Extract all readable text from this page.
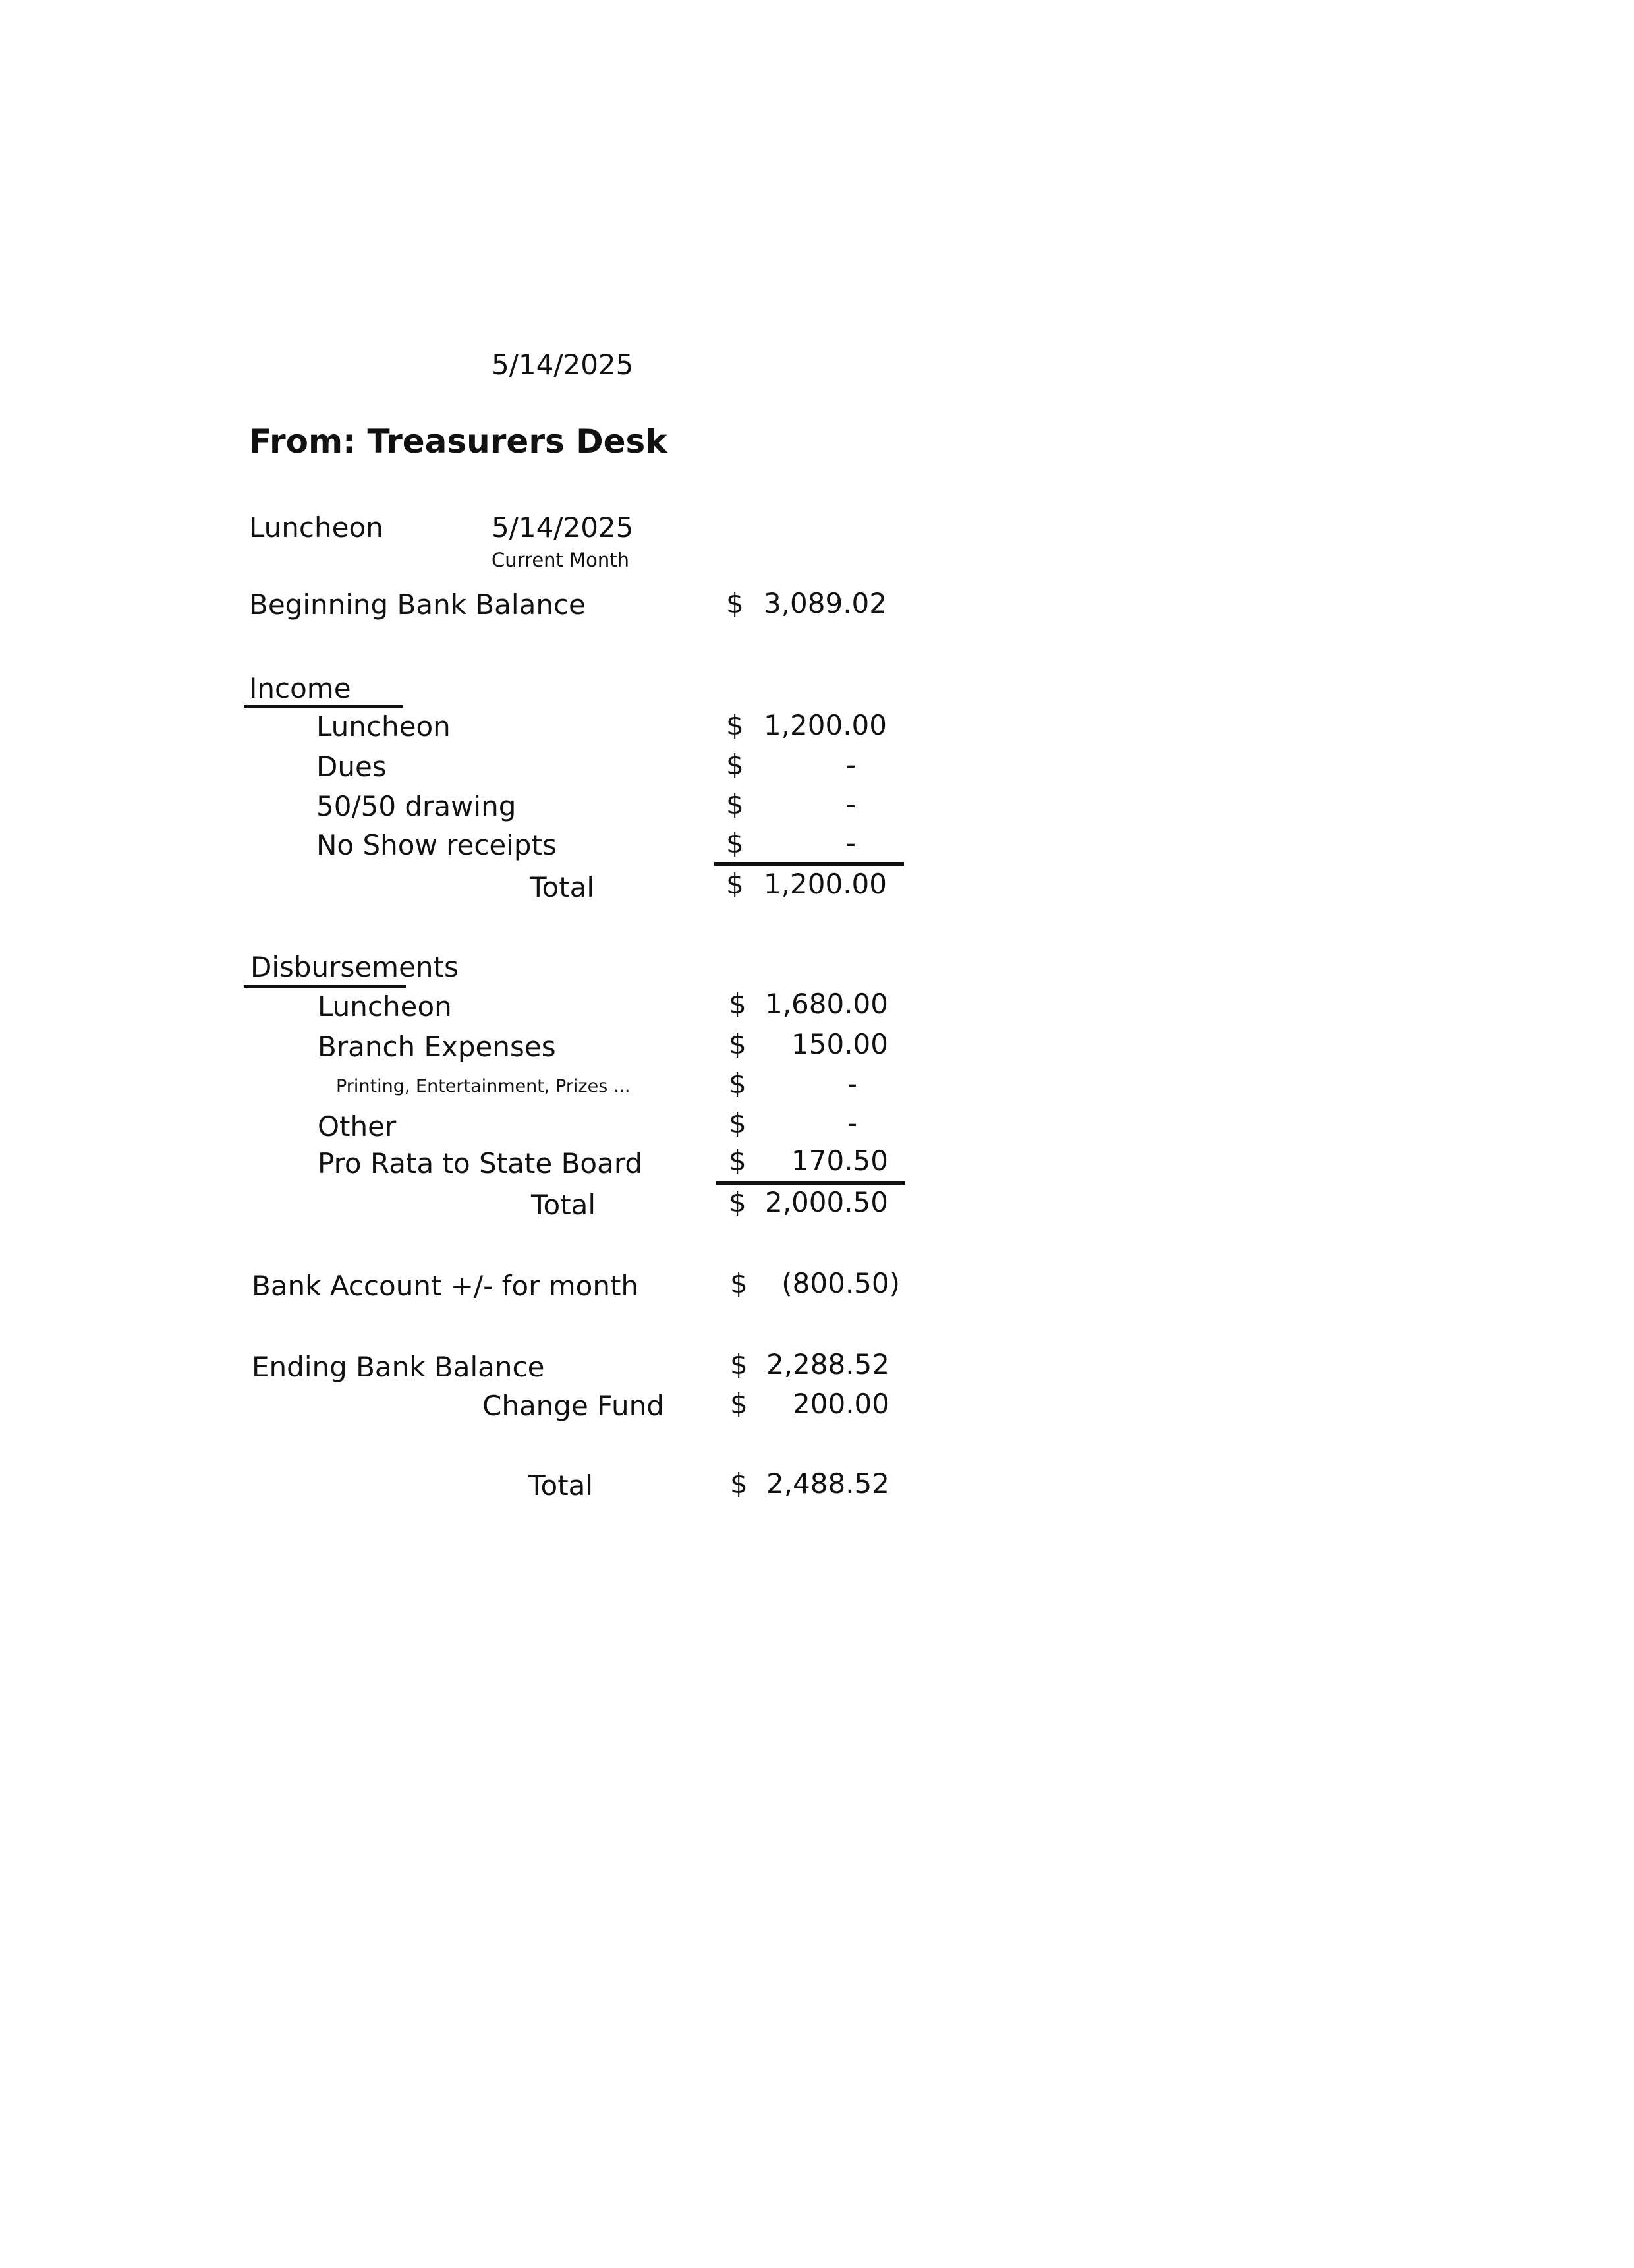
5/14/2025
From: Treasurers Desk
Luncheon	5/14/2025
Current Month
Beginning Bank Balance	$ 3,089.02
Income
Luncheon	$ 1,200.00
Dues	$	-
50/50 drawing	$	-
No Show receipts	$	-
Total	$ 1,200.00
Disbursements
Luncheon	$ 1,680.00
Branch Expenses	$	150.00
Printing, Entertainment, Prizes ...	$	-
Other	$	-
Pro Rata to State Board	$	170.50
Total	$ 2,000.50
Bank Account +/- for month	$	(800.50)
Ending Bank Balance	$ 2,288.52
Change Fund $	200.00
Total	$ 2,488.52
